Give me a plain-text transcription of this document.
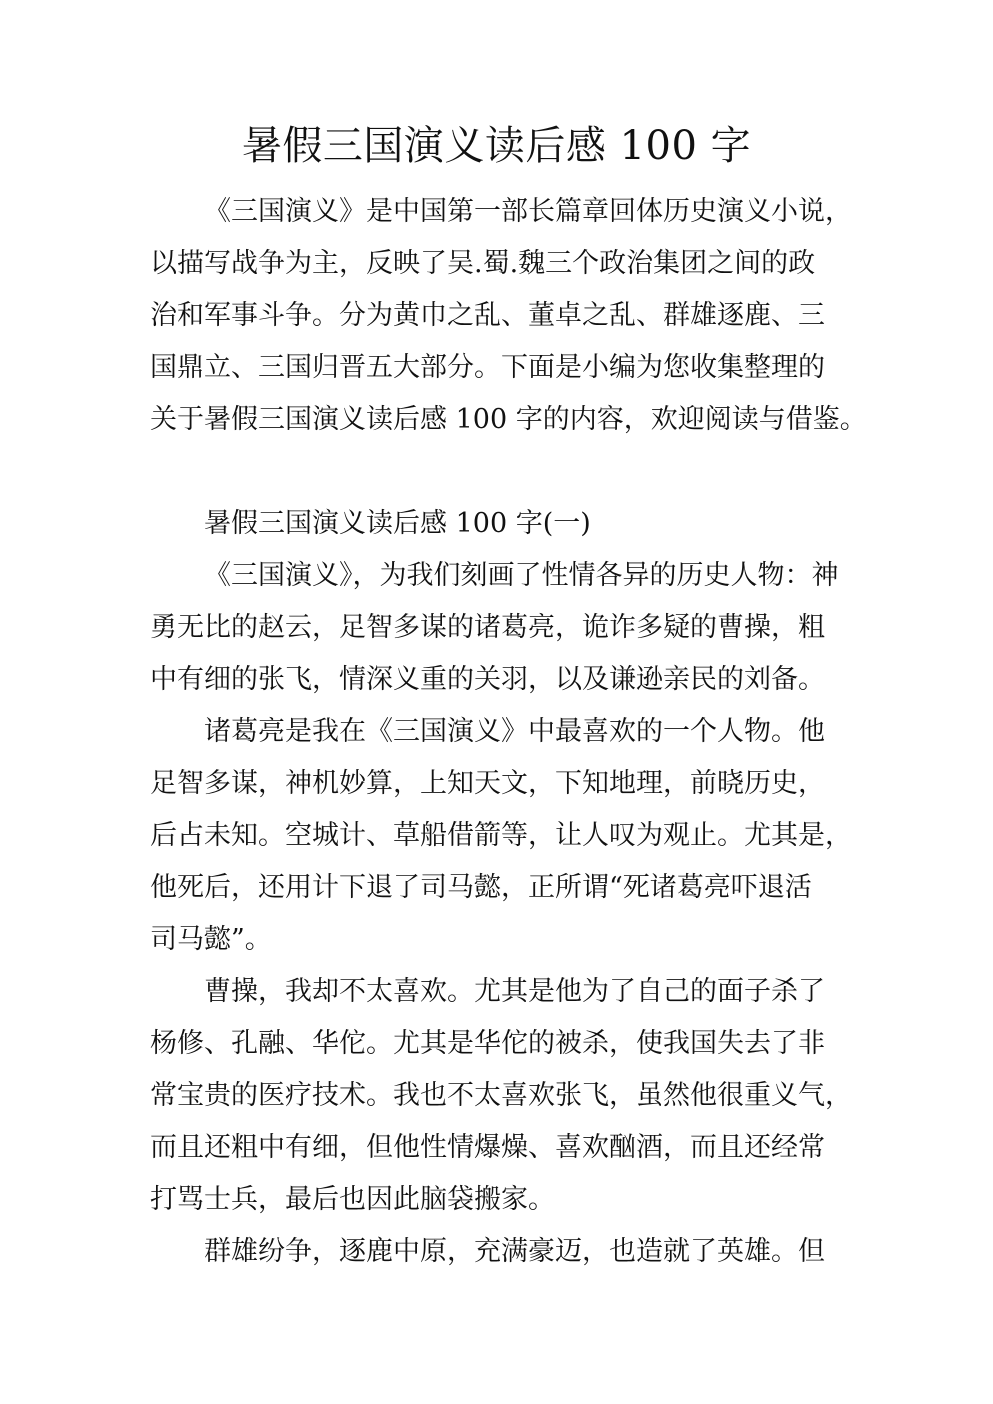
暑假三国演义读后感 100 字
《三国演义》是中国第一部长篇章回体历史演义小说，
以描写战争为主，反映了吴.蜀.魏三个政治集团之间的政
治和军事斗争。分为黄巾之乱、董卓之乱、群雄逐鹿、三
国鼎立、三国归晋五大部分。下面是小编为您收集整理的
关于暑假三国演义读后感 100 字的内容，欢迎阅读与借鉴。
暑假三国演义读后感 100 字(一)
《三国演义》，为我们刻画了性情各异的历史人物：神
勇无比的赵云，足智多谋的诸葛亮，诡诈多疑的曹操，粗
中有细的张飞，情深义重的关羽，以及谦逊亲民的刘备。
诸葛亮是我在《三国演义》中最喜欢的一个人物。他
足智多谋，神机妙算，上知天文，下知地理，前晓历史，
后占未知。空城计、草船借箭等，让人叹为观止。尤其是，
他死后，还用计下退了司马懿，正所谓“死诸葛亮吓退活
司马懿”。
曹操，我却不太喜欢。尤其是他为了自己的面子杀了
杨修、孔融、华佗。尤其是华佗的被杀，使我国失去了非
常宝贵的医疗技术。我也不太喜欢张飞，虽然他很重义气，
而且还粗中有细，但他性情爆燥、喜欢酗酒，而且还经常
打骂士兵，最后也因此脑袋搬家。
群雄纷争，逐鹿中原，充满豪迈，也造就了英雄。但
